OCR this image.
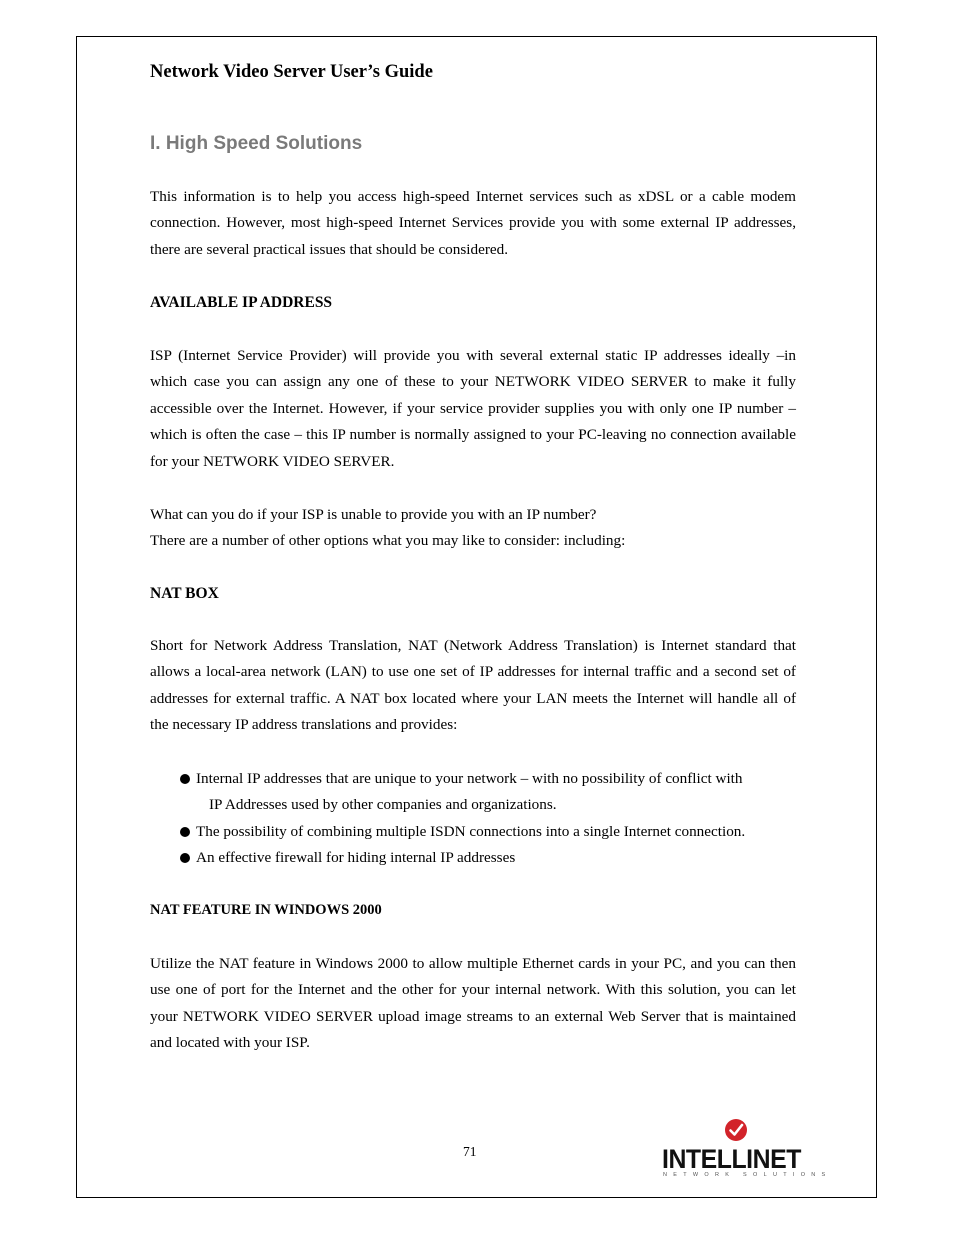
Network Video Server User’s Guide
I. High Speed Solutions

This information is to help you access high-speed Internet services such as xDSL or a cable modem connection. However, most high-speed Internet Services provide you with some external IP addresses, there are several practical issues that should be considered.

AVAILABLE IP ADDRESS

ISP (Internet Service Provider) will provide you with several external static IP addresses ideally –in which case you can assign any one of these to your NETWORK VIDEO SERVER to make it fully accessible over the Internet. However, if your service provider supplies you with only one IP number – which is often the case – this IP number is normally assigned to your PC-leaving no connection available for your NETWORK VIDEO SERVER.

What can you do if your ISP is unable to provide you with an IP number?

There are a number of other options what you may like to consider: including:

NAT BOX

Short for Network Address Translation, NAT (Network Address Translation) is Internet standard that allows a local-area network (LAN) to use one set of IP addresses for internal traffic and a second set of addresses for external traffic. A NAT box located where your LAN meets the Internet will handle all of the necessary IP address translations and provides:

Internal IP addresses that are unique to your network – with no possibility of conflict with
IP Addresses used by other companies and organizations.
The possibility of combining multiple ISDN connections into a single Internet connection.
An effective firewall for hiding internal IP addresses
NAT FEATURE IN WINDOWS 2000

Utilize the NAT feature in Windows 2000 to allow multiple Ethernet cards in your PC, and you can then use one of port for the Internet and the other for your internal network. With this solution, you can let your NETWORK VIDEO SERVER upload image streams to an external Web Server that is maintained and located with your ISP.

71	INTELLINET
NETWORK SOLUTIONS
